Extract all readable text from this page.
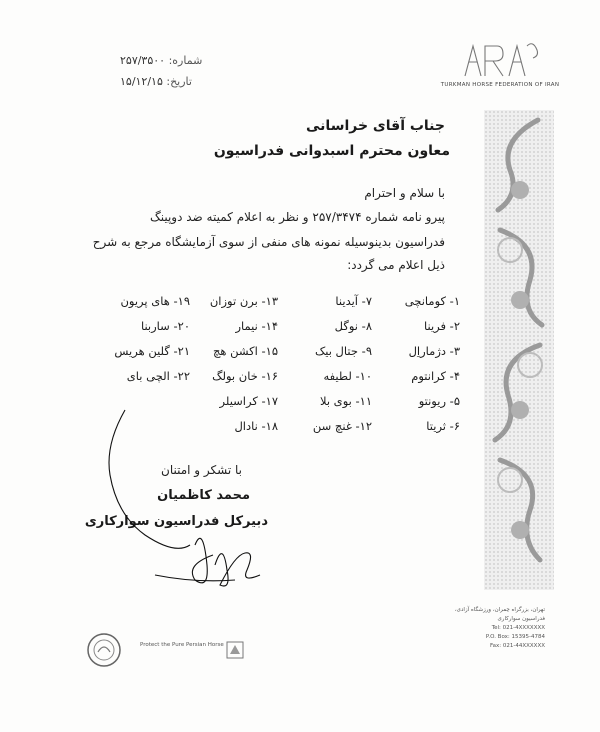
TURKMAN HORSE FEDERATION OF IRAN
شماره: ۲۵۷/۳۵۰۰
تاریخ: ۱۵/۱۲/۱۵
جناب آقای خراسانی
معاون محترم اسبدوانی فدراسیون
با سلام و احترام
پیرو نامه شماره ۲۵۷/۳۴۷۴ و نظر به اعلام کمیته ضد دوپینگ
فدراسیون بدینوسیله نمونه های منفی از سوی آزمایشگاه مرجع به شرح
ذیل اعلام می گردد:
۱- کومانچی
۲- فرینا
۳- دژماراِل
۴- کرانتوم
۵- ریونتو
۶- ثریتا
۷- آیدینا
۸- نوگل
۹- جتال بیک
۱۰- لطیفه
۱۱- بوی بلا
۱۲- غنچ سن
۱۳- برن توزان
۱۴- نیمار
۱۵- اکشن هچ
۱۶- خان بولگ
۱۷- کراسیلر
۱۸- نادال
۱۹- های پریون
۲۰- ساربنا
۲۱- گلین هریس
۲۲- الچی بای
با تشکر و امتنان
محمد کاظمیان
دبیرکل فدراسیون سوارکاری
Protect the Pure Persian Horse
تهران، بزرگراه چمران، ورزشگاه آزادی،
فدراسیون سوارکاری
Tel: 021-4XXXXXXX
P.O. Box: 15395-4784
Fax: 021-44XXXXXX
